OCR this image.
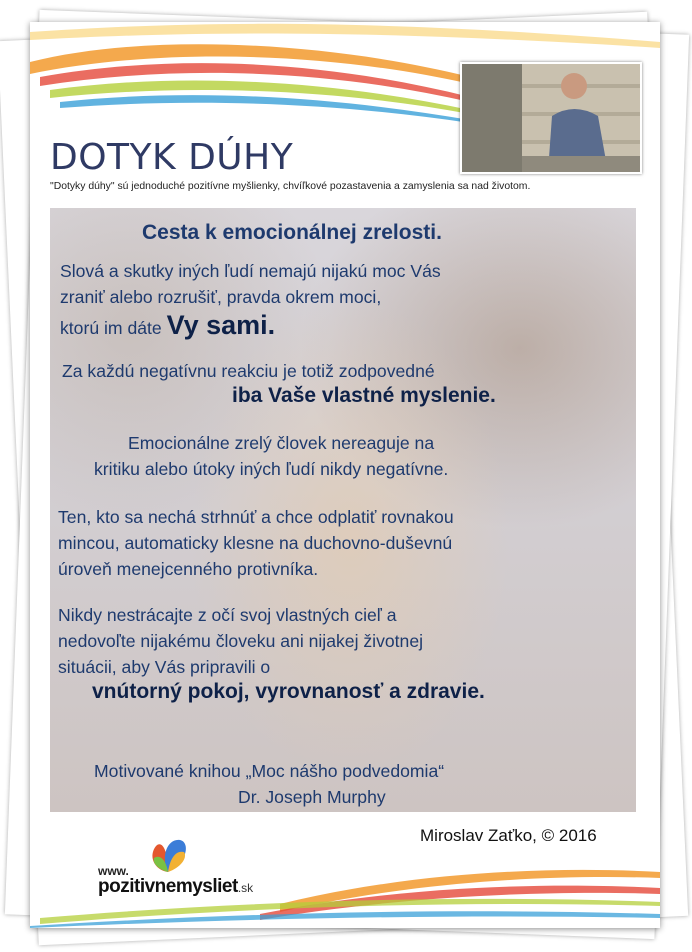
DOTYK DÚHY
"Dotyky dúhy" sú jednoduché pozitívne myšlienky, chvíľkové pozastavenia a zamyslenia sa nad životom.

Cesta k emocionálnej zrelosti.

Slová a skutky iných ľudí nemajú nijakú moc Vás

zraniť alebo rozrušiť, pravda okrem moci,

ktorú im dáte Vy sami.

Za každú negatívnu reakciu je totiž zodpovedné

iba Vaše vlastné myslenie.

Emocionálne zrelý človek nereaguje na

kritiku alebo útoky iných ľudí nikdy negatívne.

Ten, kto sa nechá strhnúť a chce odplatiť rovnakou

mincou, automaticky klesne na duchovno-duševnú

úroveň menejcenného protivníka.

Nikdy nestrácajte z očí svoj vlastných cieľ a

nedovoľte nijakému človeku ani nijakej životnej

situácii, aby Vás pripravili o

vnútorný pokoj, vyrovnanosť a zdravie.

Motivované knihou „Moc nášho podvedomia“

Dr. Joseph Murphy

Miroslav Zaťko, © 2016
www.
pozitivnemysliet.sk
